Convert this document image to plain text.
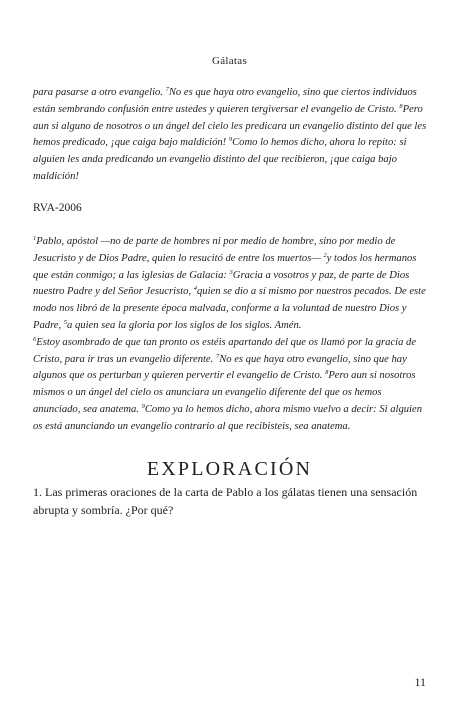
Gálatas

para pasarse a otro evangelio. $^7$No es que haya otro evangelio, sino que ciertos individuos están sembrando confusión entre ustedes y quieren tergiversar el evangelio de Cristo. $^8$Pero aun si alguno de nosotros o un ángel del cielo les predicara un evangelio distinto del que les hemos predicado, ¡que caiga bajo maldición! $^9$Como lo hemos dicho, ahora lo repito: si alguien les anda predicando un evangelio distinto del que recibieron, ¡que caiga bajo maldición!

RVA-2006

$^1$Pablo, apóstol —no de parte de hombres ni por medio de hombre, sino por medio de Jesucristo y de Dios Padre, quien lo resucitó de entre los muertos— $^2$y todos los hermanos que están conmigo; a las iglesias de Galacia: $^3$Gracia a vosotros y paz, de parte de Dios nuestro Padre y del Señor Jesucristo, $^4$quien se dio a sí mismo por nuestros pecados. De este modo nos libró de la presente época malvada, conforme a la voluntad de nuestro Dios y Padre, $^5$a quien sea la gloria por los siglos de los siglos. Amén.
$^6$Estoy asombrado de que tan pronto os estéis apartando del que os llamó por la gracia de Cristo, para ir tras un evangelio diferente. $^7$No es que haya otro evangelio, sino que hay algunos que os perturban y quieren pervertir el evangelio de Cristo. $^8$Pero aun si nosotros mismos o un ángel del cielo os anunciara un evangelio diferente del que os hemos anunciado, sea anatema. $^9$Como ya lo hemos dicho, ahora mismo vuelvo a decir: Si alguien os está anunciando un evangelio contrario al que recibisteis, sea anatema.
EXPLORACIÓN

1. Las primeras oraciones de la carta de Pablo a los gálatas tienen una sensación abrupta y sombría. ¿Por qué?

11
